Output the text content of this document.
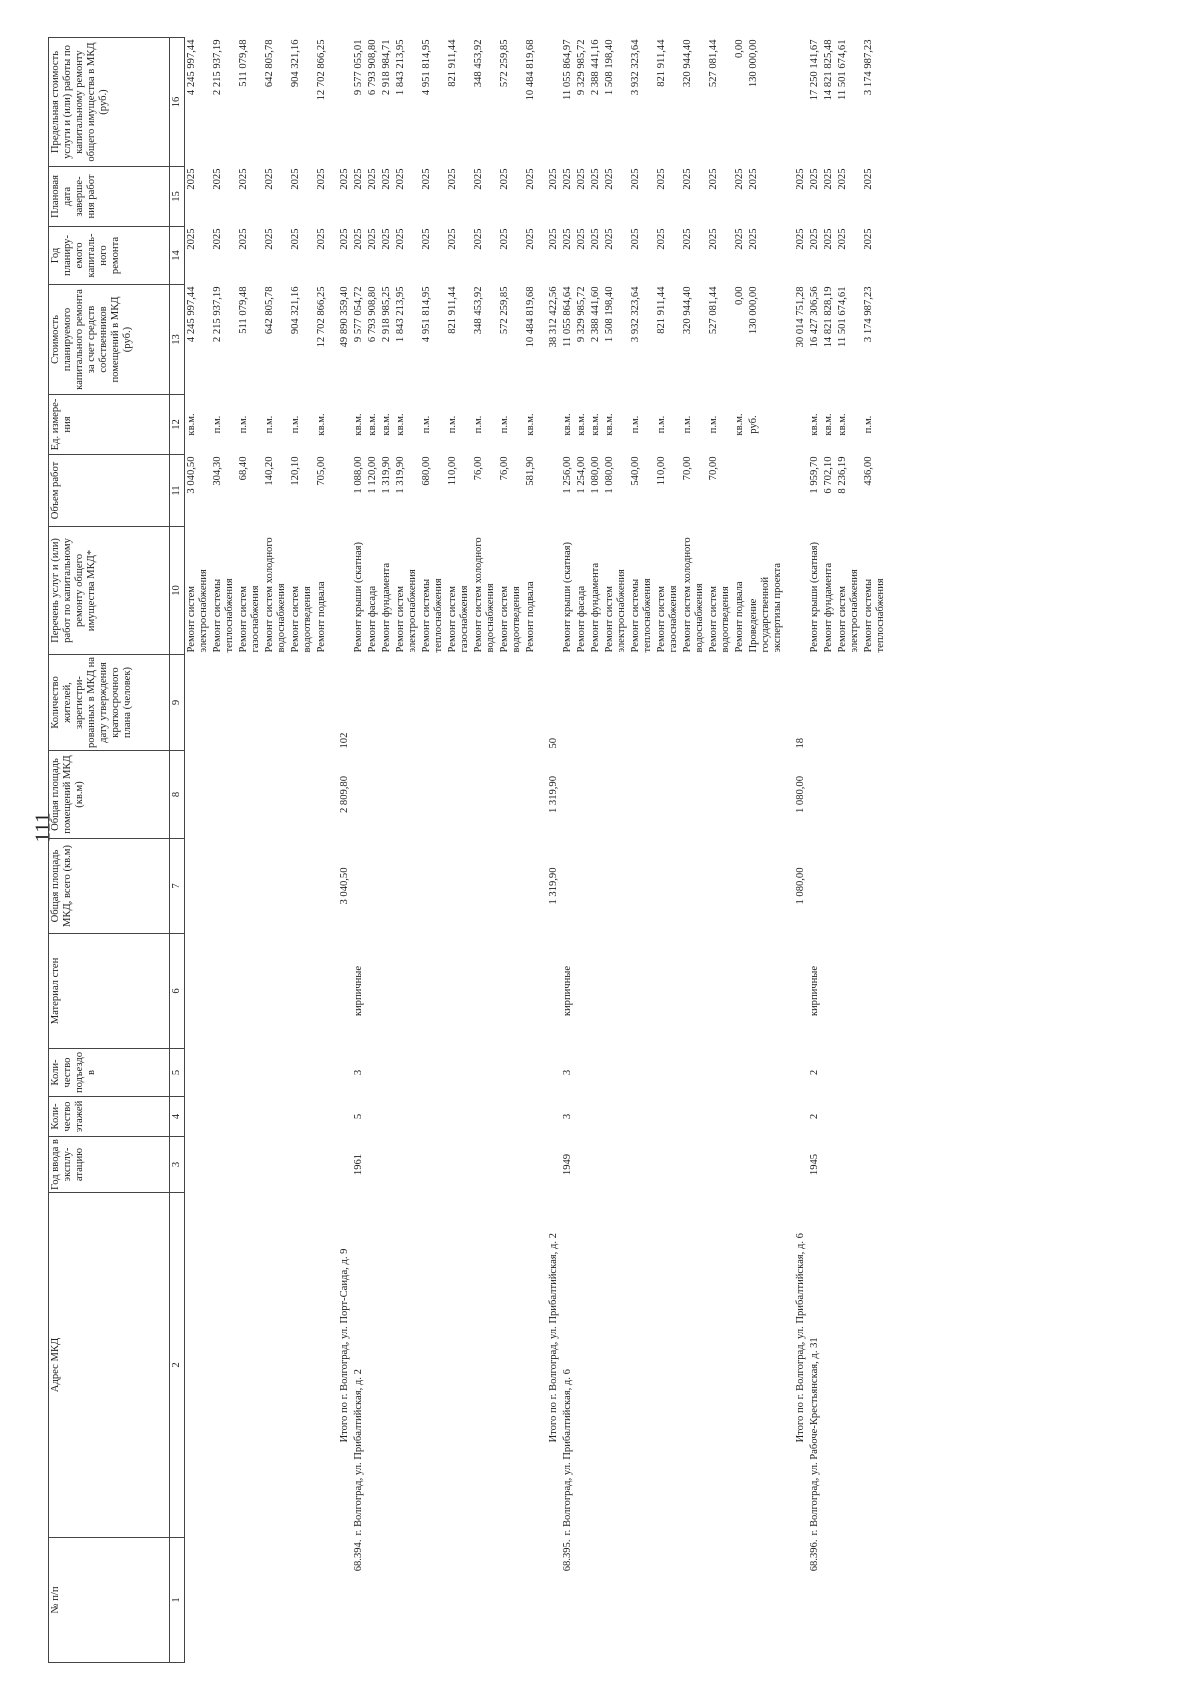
111
№ п/п	Адрес МКД	Год ввода в эксплу-атацию	Коли-чество этажей	Коли-чество подъездо в	Материал стен	Общая площадь МКД, всего (кв.м)	Общая площадь помещений МКД (кв.м)	Количество жителей, зарегистри-рованных в МКД на дату утверждения краткосрочного плана (человек)	Перечень услуг и (или) работ по капитальному ремонту общего имущества МКД*	Объем работ	Ед. измере-ния	Стоимость планируемого капитального ремонта за счет средств собственников помещений в МКД (руб.)	Год планиру-емого капиталь-ного ремонта	Плановая дата заверше-ния работ	Предельная стоимость услуги и (или) работы по капитальному ремонту общего имущества в МКД (руб.)
1	2	3	4	5	6	7	8	9	10	11	12	13	14	15	16
									Ремонт систем электроснабжения	3 040,50	кв.м.	4 245 997,44	2025	2025	4 245 997,44
									Ремонт системы теплоснабжения	304,30	п.м.	2 215 937,19	2025	2025	2 215 937,19
									Ремонт систем газоснабжения	68,40	п.м.	511 079,48	2025	2025	511 079,48
									Ремонт систем холодного водоснабжения	140,20	п.м.	642 805,78	2025	2025	642 805,78
									Ремонт систем водоотведения	120,10	п.м.	904 321,16	2025	2025	904 321,16
									Ремонт подвала	705,00	кв.м.	12 702 866,25	2025	2025	12 702 866,25
Итого по г. Волгоград, ул. Порт-Саида, д. 9						3 040,50	2 809,80	102				49 890 359,40	2025	2025	
68.394.	г. Волгоград, ул. Прибалтийская, д. 2	1961	5	3	кирпичные				Ремонт крыши (скатная)	1 088,00	кв.м.	9 577 054,72	2025	2025	9 577 055,01
									Ремонт фасада	1 120,00	кв.м.	6 793 908,80	2025	2025	6 793 908,80
									Ремонт фундамента	1 319,90	кв.м.	2 918 985,25	2025	2025	2 918 984,71
									Ремонт систем электроснабжения	1 319,90	кв.м.	1 843 213,95	2025	2025	1 843 213,95
									Ремонт системы теплоснабжения	680,00	п.м.	4 951 814,95	2025	2025	4 951 814,95
									Ремонт систем газоснабжения	110,00	п.м.	821 911,44	2025	2025	821 911,44
									Ремонт систем холодного водоснабжения	76,00	п.м.	348 453,92	2025	2025	348 453,92
									Ремонт систем водоотведения	76,00	п.м.	572 259,85	2025	2025	572 259,85
									Ремонт подвала	581,90	кв.м.	10 484 819,68	2025	2025	10 484 819,68
Итого по г. Волгоград, ул. Прибалтийская, д. 2						1 319,90	1 319,90	50				38 312 422,56	2025	2025	
68.395.	г. Волгоград, ул. Прибалтийская, д. 6	1949	3	3	кирпичные				Ремонт крыши (скатная)	1 256,00	кв.м.	11 055 864,64	2025	2025	11 055 864,97
									Ремонт фасада	1 254,00	кв.м.	9 329 985,72	2025	2025	9 329 985,72
									Ремонт фундамента	1 080,00	кв.м.	2 388 441,60	2025	2025	2 388 441,16
									Ремонт систем электроснабжения	1 080,00	кв.м.	1 508 198,40	2025	2025	1 508 198,40
									Ремонт системы теплоснабжения	540,00	п.м.	3 932 323,64	2025	2025	3 932 323,64
									Ремонт систем газоснабжения	110,00	п.м.	821 911,44	2025	2025	821 911,44
									Ремонт систем холодного водоснабжения	70,00	п.м.	320 944,40	2025	2025	320 944,40
									Ремонт систем водоотведения	70,00	п.м.	527 081,44	2025	2025	527 081,44
									Ремонт подвала		кв.м.	0,00	2025	2025	0,00
									Проведение государственной экспертизы проекта		руб.	130 000,00	2025	2025	130 000,00
Итого по г. Волгоград, ул. Прибалтийская, д. 6						1 080,00	1 080,00	18				30 014 751,28	2025	2025	
68.396.	г. Волгоград, ул. Рабоче-Крестьянская, д. 31	1945	2	2	кирпичные				Ремонт крыши (скатная)	1 959,70	кв.м.	16 427 306,56	2025	2025	17 250 141,67
									Ремонт фундамента	6 702,10	кв.м.	14 821 828,19	2025	2025	14 821 825,48
									Ремонт систем электроснабжения	8 236,19	кв.м.	11 501 674,61	2025	2025	11 501 674,61
									Ремонт системы теплоснабжения	436,00	п.м.	3 174 987,23	2025	2025	3 174 987,23
